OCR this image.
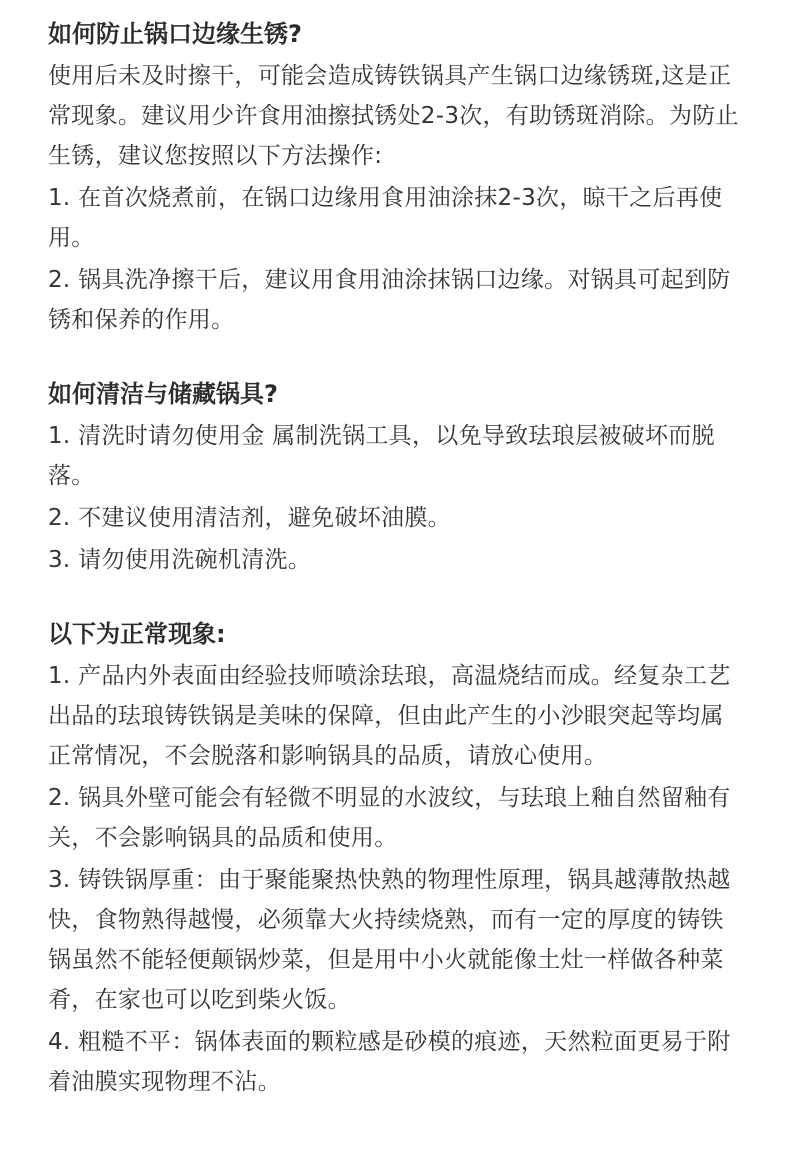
如何防止锅口边缘生锈?

使用后未及时擦干，可能会造成铸铁锅具产生锅口边缘锈斑,这是正常现象。建议用少许食用油擦拭锈处2-3次，有助锈斑消除。为防止生锈，建议您按照以下方法操作:

1. 在首次烧煮前，在锅口边缘用食用油涂抹2-3次，晾干之后再使用。

2. 锅具洗净擦干后，建议用食用油涂抹锅口边缘。对锅具可起到防锈和保养的作用。

如何清洁与储藏锅具?

1. 清洗时请勿使用金 属制洗锅工具，以免导致珐琅层被破坏而脱落。

2. 不建议使用清洁剂，避免破坏油膜。

3. 请勿使用洗碗机清洗。

以下为正常现象:

1. 产品内外表面由经验技师喷涂珐琅，高温烧结而成。经复杂工艺出品的珐琅铸铁锅是美味的保障，但由此产生的小沙眼突起等均属正常情况，不会脱落和影响锅具的品质，请放心使用。

2. 锅具外壁可能会有轻微不明显的水波纹，与珐琅上釉自然留釉有关，不会影响锅具的品质和使用。

3. 铸铁锅厚重：由于聚能聚热快熟的物理性原理，锅具越薄散热越快，食物熟得越慢，必须靠大火持续烧熟，而有一定的厚度的铸铁锅虽然不能轻便颠锅炒菜，但是用中小火就能像土灶一样做各种菜肴，在家也可以吃到柴火饭。

4. 粗糙不平：锅体表面的颗粒感是砂模的痕迹，天然粒面更易于附着油膜实现物理不沾。
